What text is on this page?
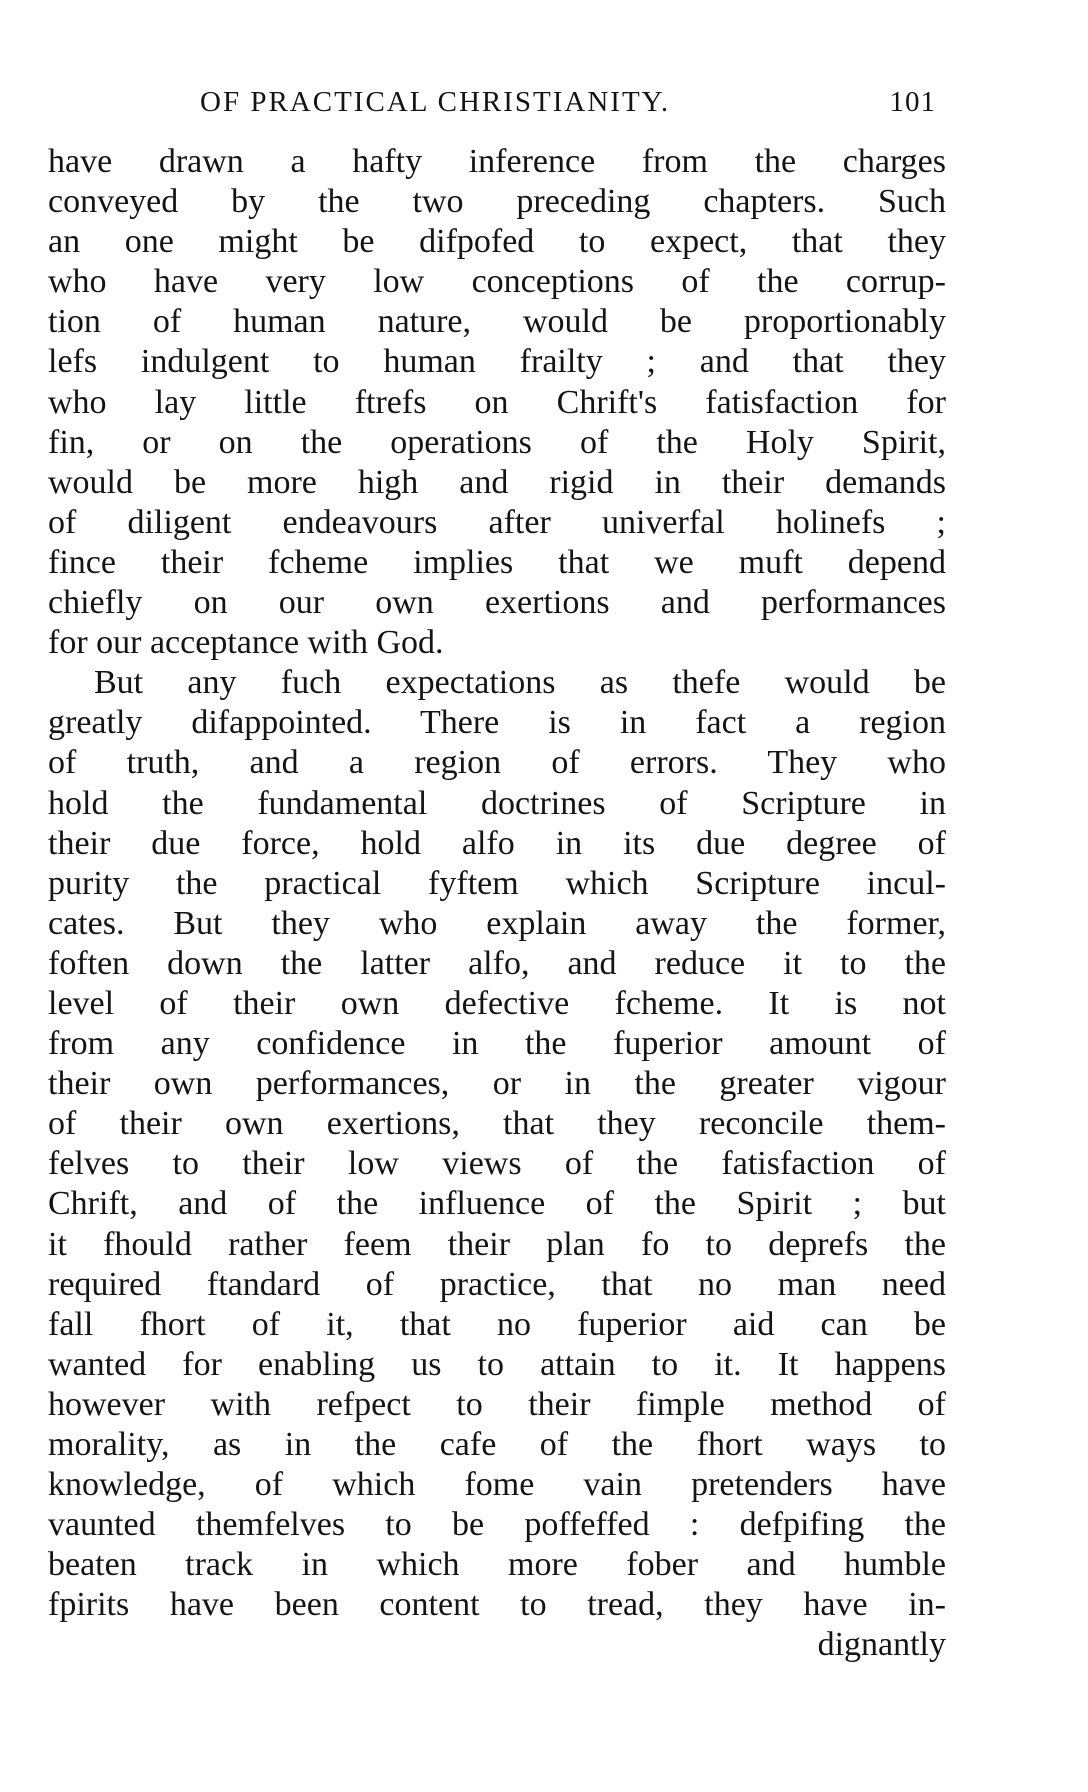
OF PRACTICAL CHRISTIANITY.	101
have drawn a hafty inference from the charges
conveyed by the two preceding chapters. Such
an one might be difpofed to expect, that they
who have very low conceptions of the corrup-
tion of human nature, would be proportionably
lefs indulgent to human frailty ; and that they
who lay little ftrefs on Chrift's fatisfaction for
fin, or on the operations of the Holy Spirit,
would be more high and rigid in their demands
of diligent endeavours after univerfal holinefs ;
fince their fcheme implies that we muft depend
chiefly on our own exertions and performances
for our acceptance with God.
But any fuch expectations as thefe would be
greatly difappointed. There is in fact a region
of truth, and a region of errors. They who
hold the fundamental doctrines of Scripture in
their due force, hold alfo in its due degree of
purity the practical fyftem which Scripture incul-
cates. But they who explain away the former,
foften down the latter alfo, and reduce it to the
level of their own defective fcheme. It is not
from any confidence in the fuperior amount of
their own performances, or in the greater vigour
of their own exertions, that they reconcile them-
felves to their low views of the fatisfaction of
Chrift, and of the influence of the Spirit ; but
it fhould rather feem their plan fo to deprefs the
required ftandard of practice, that no man need
fall fhort of it, that no fuperior aid can be
wanted for enabling us to attain to it. It happens
however with refpect to their fimple method of
morality, as in the cafe of the fhort ways to
knowledge, of which fome vain pretenders have
vaunted themfelves to be poffeffed : defpifing the
beaten track in which more fober and humble
fpirits have been content to tread, they have in-
dignantly
